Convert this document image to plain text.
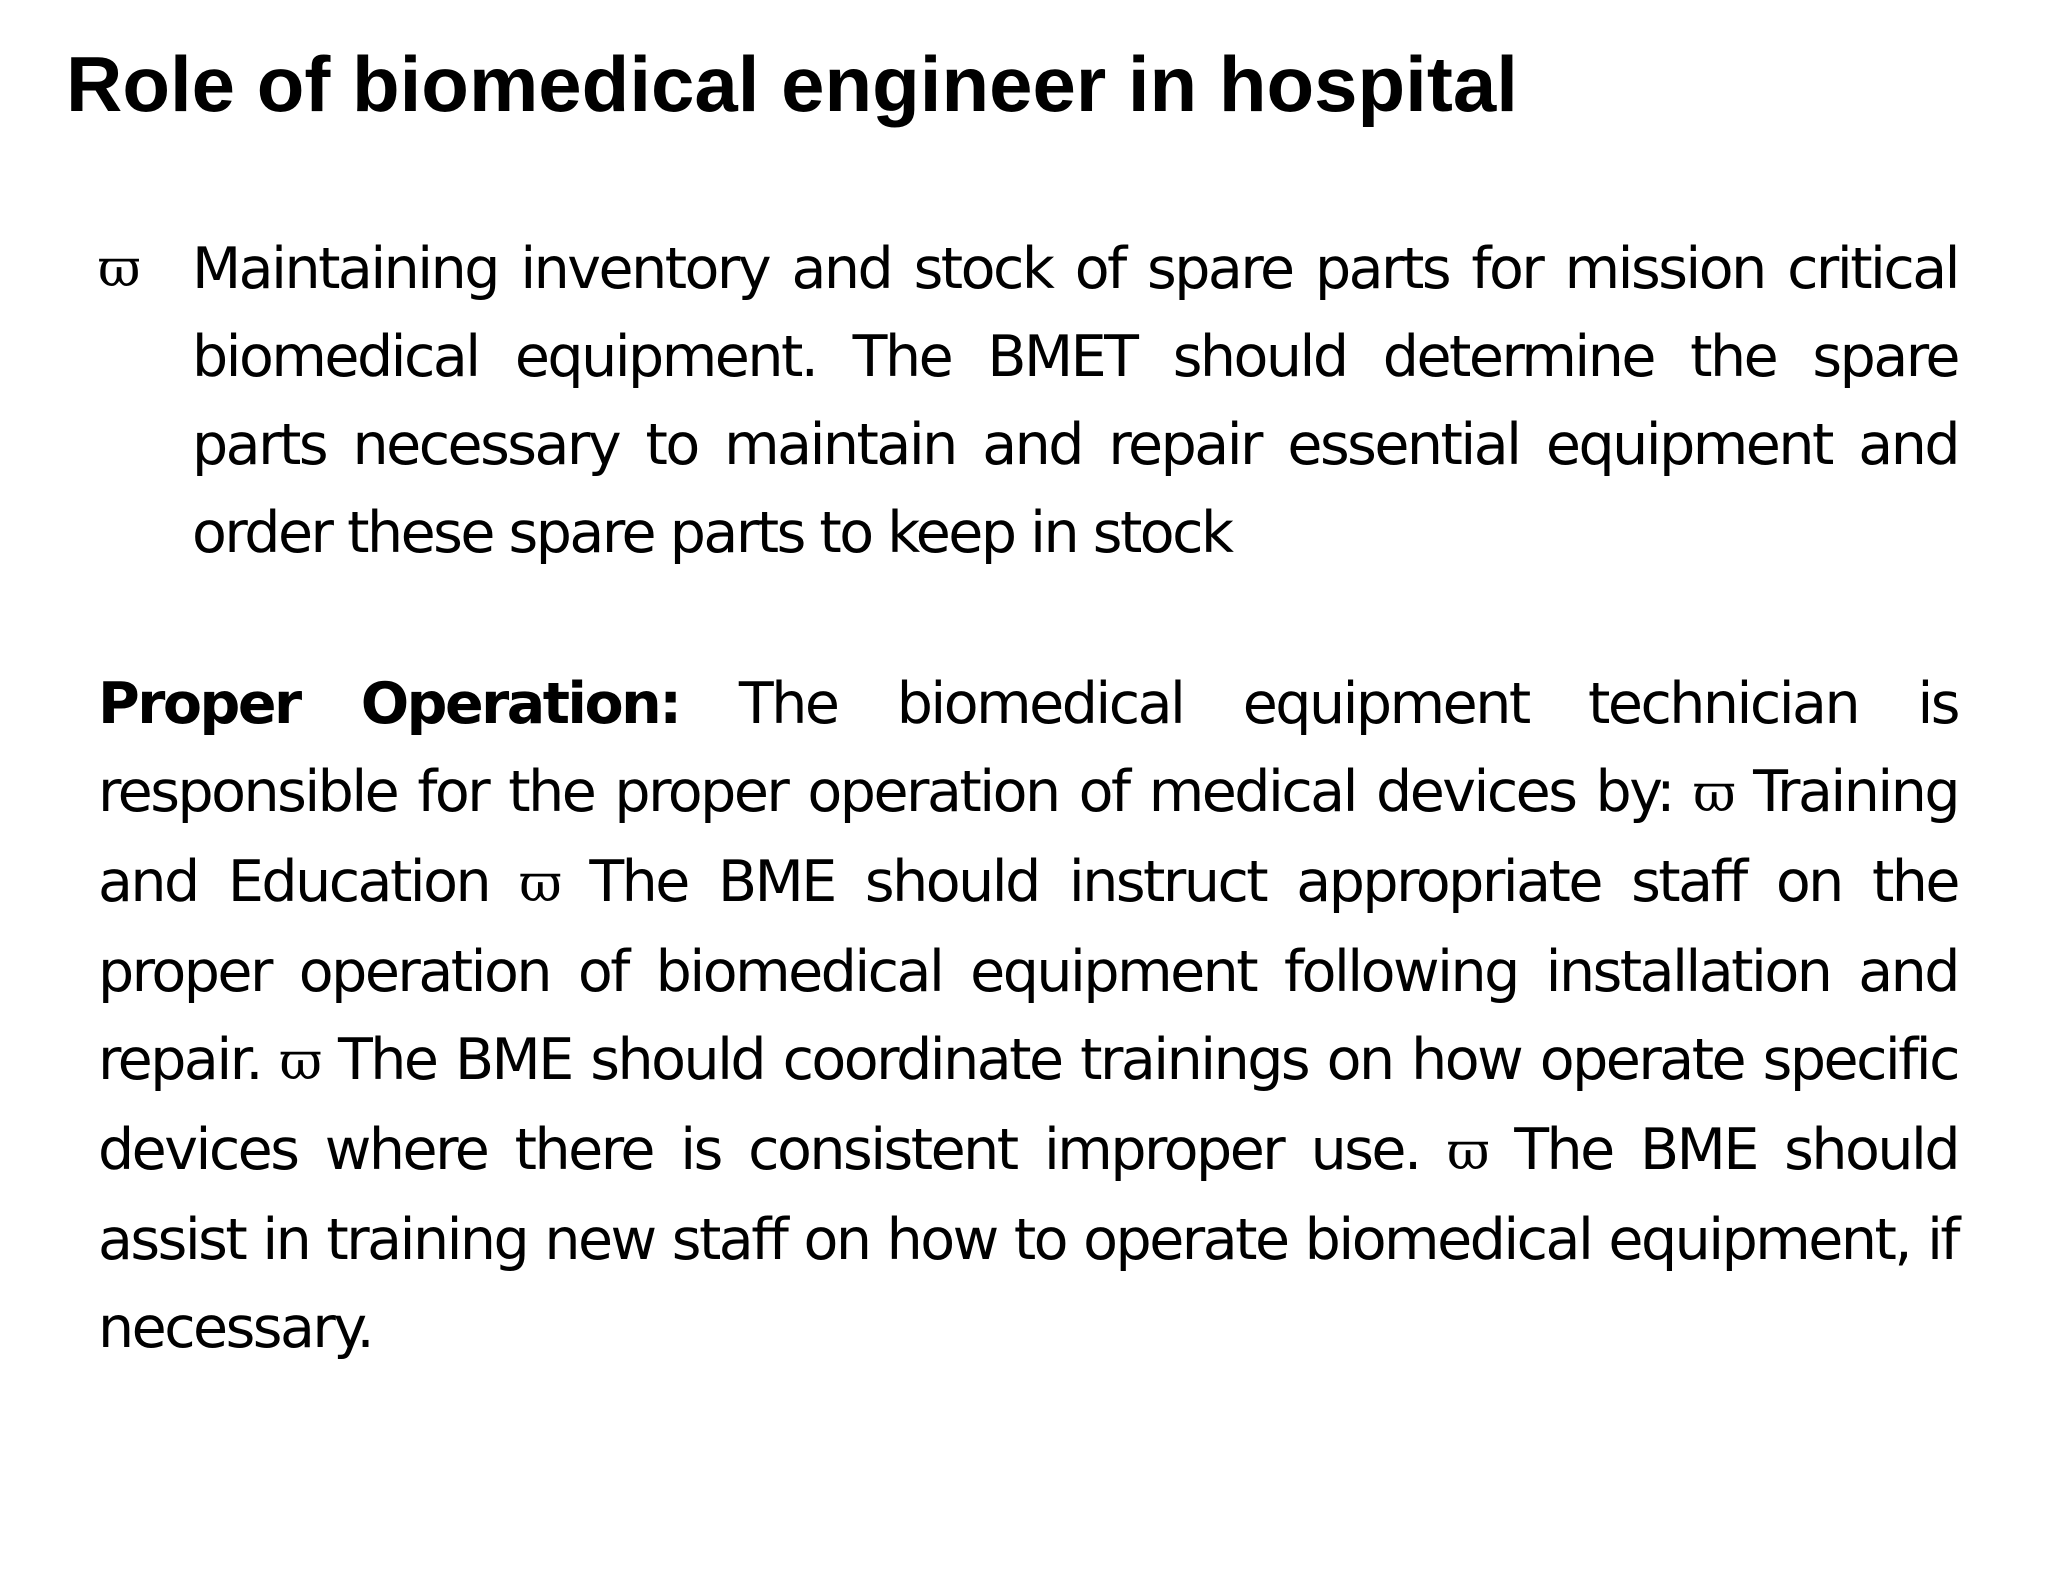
Role of biomedical engineer in hospital
ϖ Maintaining inventory and stock of spare parts for mission critical biomedical equipment. The BMET should determine the spare parts necessary to maintain and repair essential equipment and order these spare parts to keep in stock

Proper Operation: The biomedical equipment technician is responsible for the proper operation of medical devices by: ϖ Training and Education ϖ The BME should instruct appropriate staff on the proper operation of biomedical equipment following installation and repair. ϖ The BME should coordinate trainings on how operate specific devices where there is consistent improper use. ϖ The BME should assist in training new staff on how to operate biomedical equipment, if necessary.
